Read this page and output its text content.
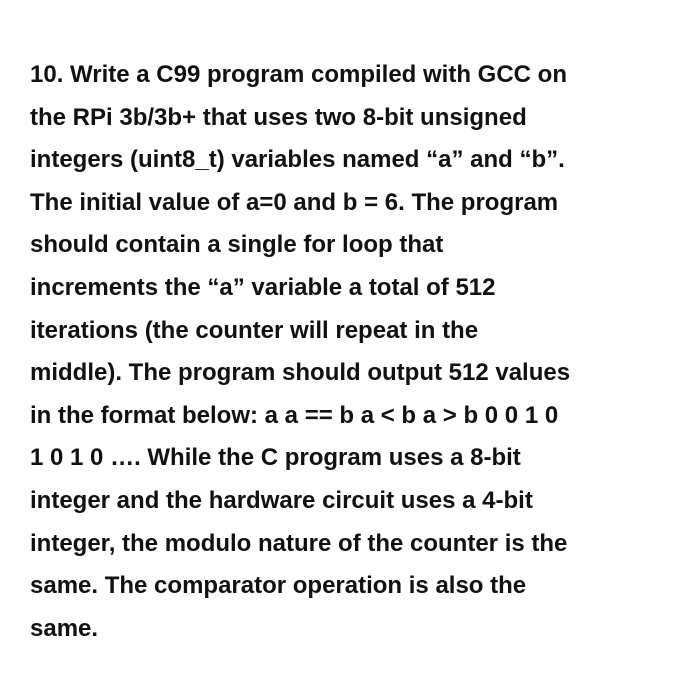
10. Write a C99 program compiled with GCC on
the RPi 3b/3b+ that uses two 8-bit unsigned
integers (uint8_t) variables named “a” and “b”.
The initial value of a=0 and b = 6. The program
should contain a single for loop that
increments the “a” variable a total of 512
iterations (the counter will repeat in the
middle). The program should output 512 values
in the format below: a a == b a < b a > b 0 0 1 0
1 0 1 0 …. While the C program uses a 8-bit
integer and the hardware circuit uses a 4-bit
integer, the modulo nature of the counter is the
same. The comparator operation is also the
same.
